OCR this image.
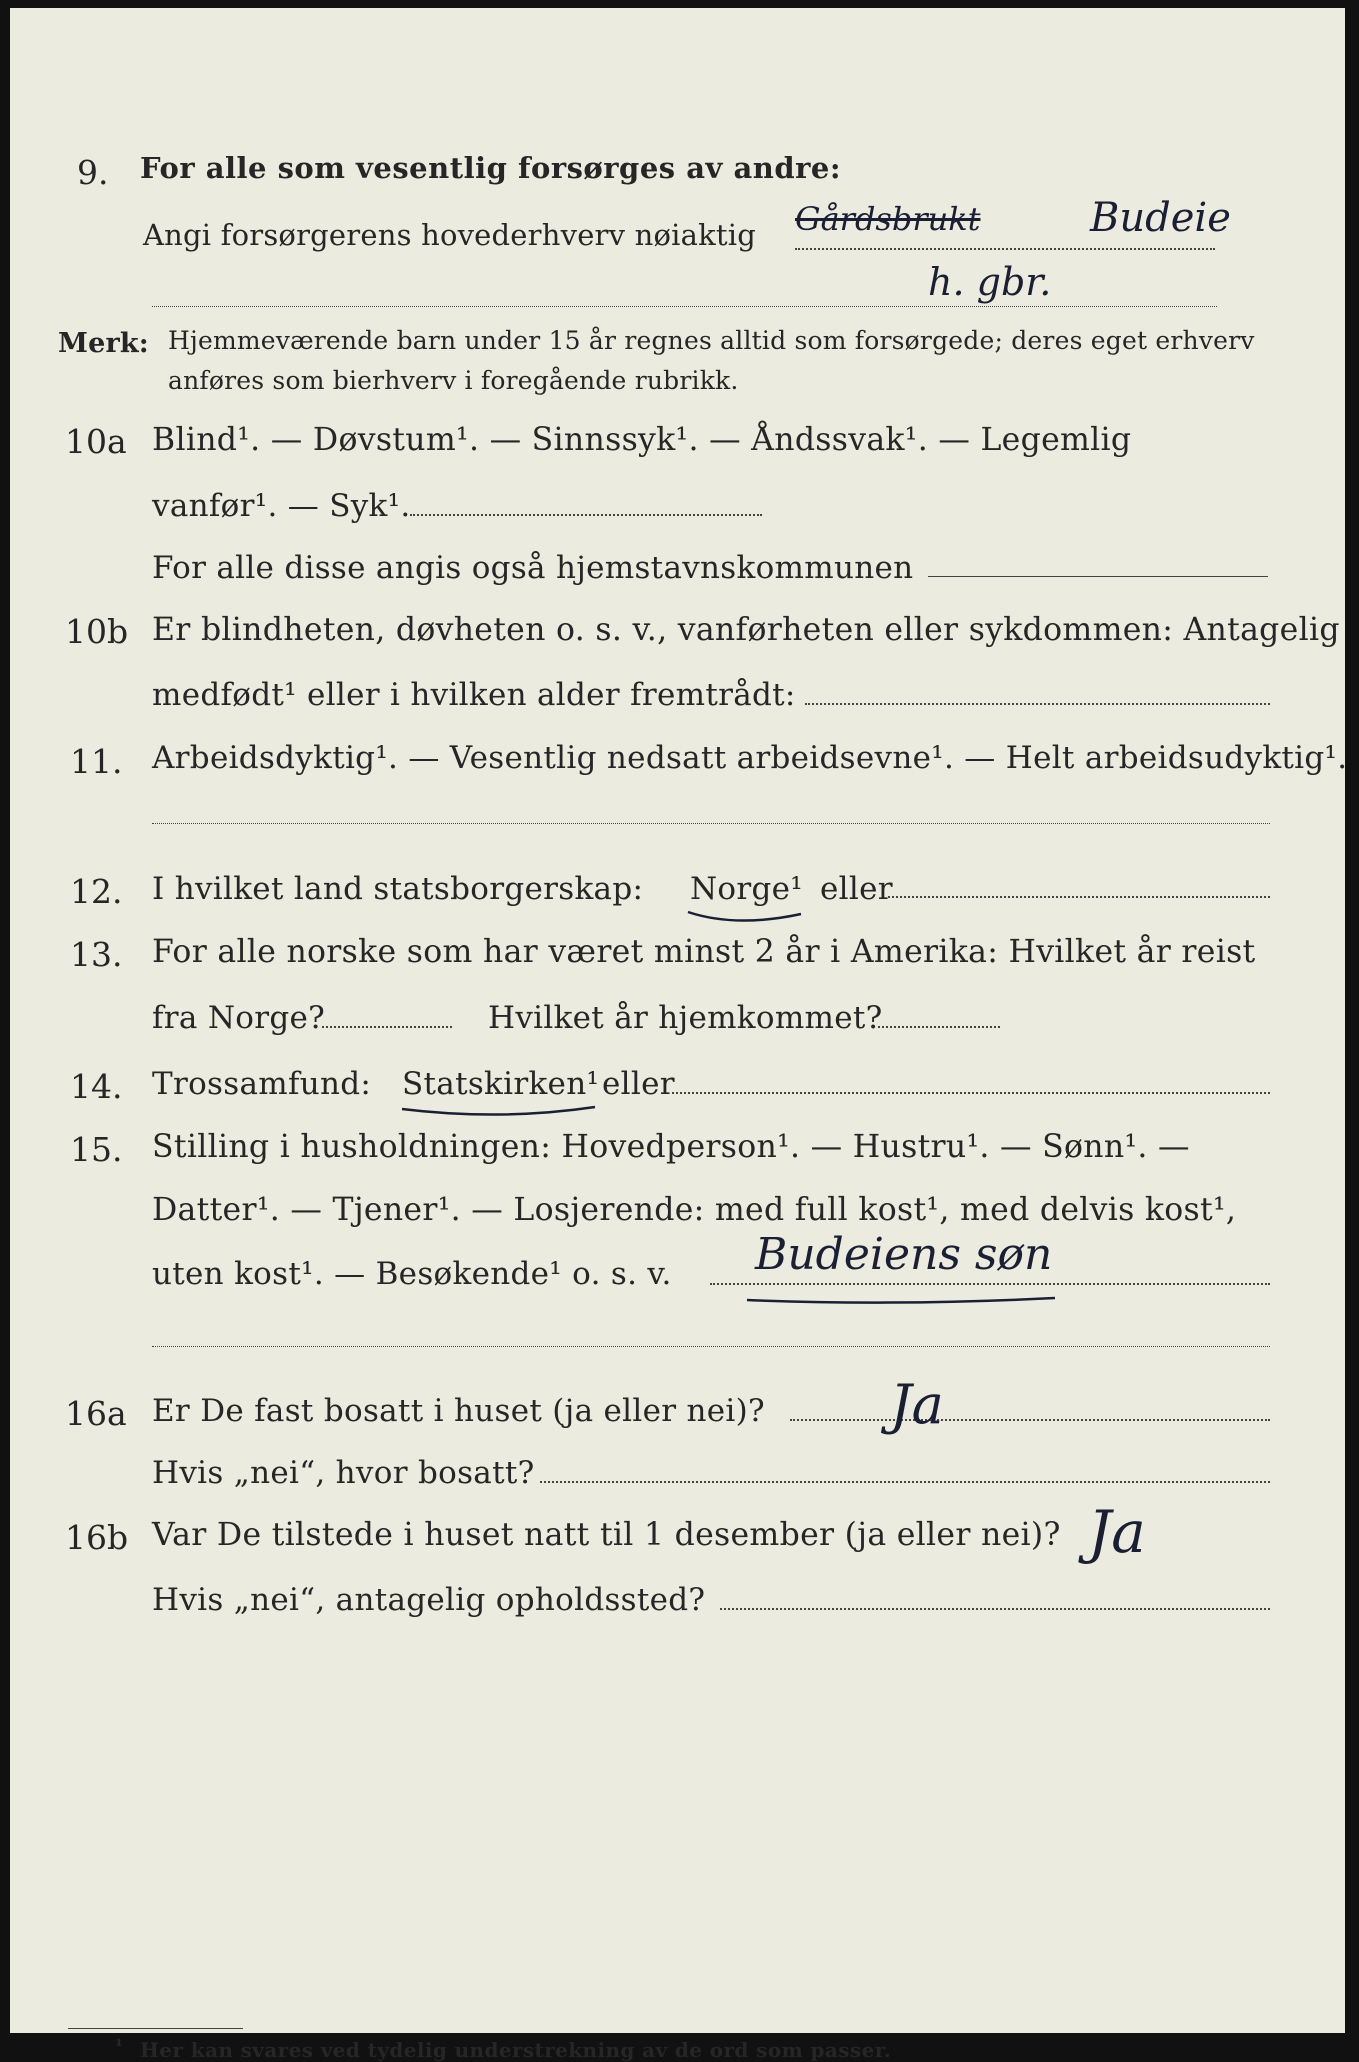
9. For alle som vesentlig forsørges av andre:
Angi forsørgerens hovederhverv nøiaktig Gårdsbrukt	Budeie
h. gbr.
Merk: Hjemmeværende barn under 15 år regnes alltid som forsørgede; deres eget erhverv
anføres som bierhverv i foregående rubrikk.
10a Blind¹. — Døvstum¹. — Sinnssyk¹. — Åndssvak¹. — Legemlig
vanfør¹. — Syk¹.
For alle disse angis også hjemstavnskommunen
10b Er blindheten, døvheten o. s. v., vanførheten eller sykdommen: Antagelig
medfødt¹ eller i hvilken alder fremtrådt:
11. Arbeidsdyktig¹. — Vesentlig nedsatt arbeidsevne¹. — Helt arbeidsudyktig¹.
12. I hvilket land statsborgerskap: Norge¹ eller
13. For alle norske som har været minst 2 år i Amerika: Hvilket år reist
fra Norge?	Hvilket år hjemkommet?
14. Trossamfund: Statskirken¹ eller
15. Stilling i husholdningen: Hovedperson¹. — Hustru¹. — Sønn¹. —
Datter¹. — Tjener¹. — Losjerende: med full kost¹, med delvis kost¹,
uten kost¹. — Besøkende¹ o. s. v. Budeiens søn
16a Er De fast bosatt i huset (ja eller nei)? Ja
Hvis „nei“, hvor bosatt?
16b Var De tilstede i huset natt til 1 desember (ja eller nei)? Ja
Hvis „nei“, antagelig opholdssted?
¹ Her kan svares ved tydelig understrekning av de ord som passer.
